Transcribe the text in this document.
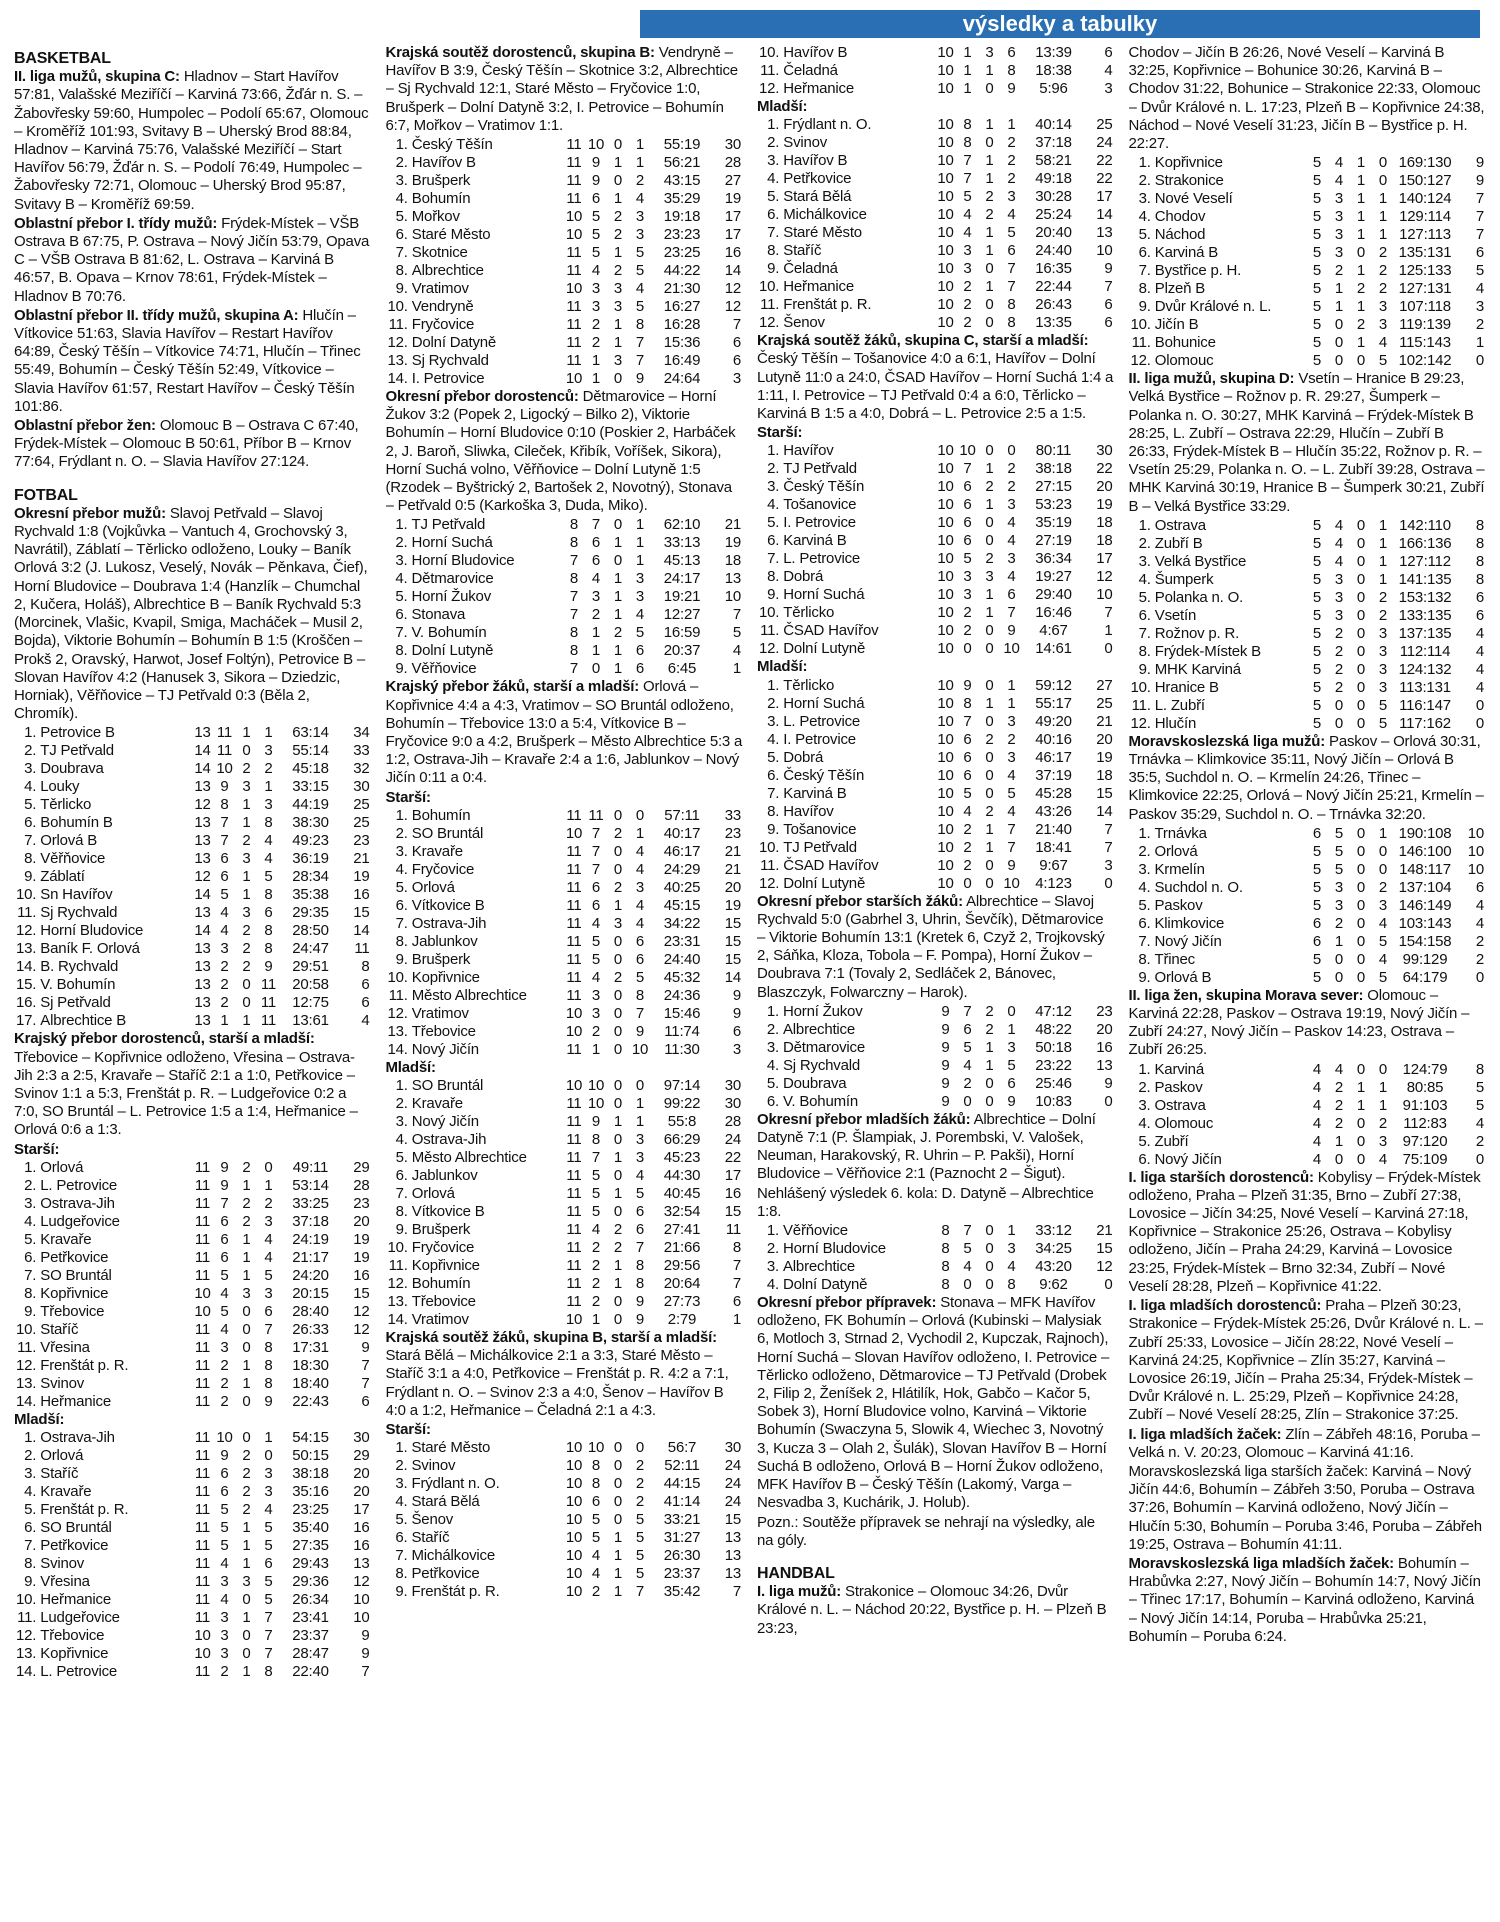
výsledky a tabulky
BASKETBAL
II. liga mužů, skupina C: Hladnov – Start Havířov 57:81, Valašské Meziříčí – Karviná 73:66, Žďár n. S. – Žabovřesky 59:60, Humpolec – Podolí 65:67, Olomouc – Kroměříž 101:93, Svitavy B – Uherský Brod 88:84, Hladnov – Karviná 75:76, Valašské Meziříčí – Start Havířov 56:79, Žďár n. S. – Podolí 76:49, Humpolec – Žabovřesky 72:71, Olomouc – Uherský Brod 95:87, Svitavy B – Kroměříž 69:59.
Oblastní přebor I. třídy mužů: Frýdek-Místek – VŠB Ostrava B 67:75, P. Ostrava – Nový Jičín 53:79, Opava C – VŠB Ostrava B 81:62, L. Ostrava – Karviná B 46:57, B. Opava – Krnov 78:61, Frýdek-Místek – Hladnov B 70:76.
Oblastní přebor II. třídy mužů, skupina A: Hlučín – Vítkovice 51:63, Slavia Havířov – Restart Havířov 64:89, Český Těšín – Vítkovice 74:71, Hlučín – Třinec 55:49, Bohumín – Český Těšín 52:49, Vítkovice – Slavia Havířov 61:57, Restart Havířov – Český Těšín 101:86.
Oblastní přebor žen: Olomouc B – Ostrava C 67:40, Frýdek-Místek – Olomouc B 50:61, Příbor B – Krnov 77:64, Frýdlant n. O. – Slavia Havířov 27:124.
FOTBAL
Okresní přebor mužů: Slavoj Petřvald – Slavoj Rychvald 1:8 (Vojkůvka – Vantuch 4, Grochovský 3, Navrátil), Záblatí – Těrlicko odloženo, Louky – Baník Orlová 3:2 (J. Lukosz, Veselý, Novák – Pěnkava, Čief), Horní Bludovice – Doubrava 1:4 (Hanzlík – Chumchal 2, Kučera, Holáš), Albrechtice B – Baník Rychvald 5:3 (Morcinek, Vlašic, Kvapil, Smiga, Macháček – Musil 2, Bojda), Viktorie Bohumín – Bohumín B 1:5 (Kroščen – Prokš 2, Oravský, Harwot, Josef Foltýn), Petrovice B – Slovan Havířov 4:2 (Hanusek 3, Sikora – Dziedzic, Horniak), Věřňovice – TJ Petřvald 0:3 (Běla 2, Chromík).
1.	Petrovice B	13	11	1	1	63:14	34
2.	TJ Petřvald	14	11	0	3	55:14	33
3.	Doubrava	14	10	2	2	45:18	32
4.	Louky	13	9	3	1	33:15	30
5.	Těrlicko	12	8	1	3	44:19	25
6.	Bohumín B	13	7	1	8	38:30	25
7.	Orlová B	13	7	2	4	49:23	23
8.	Věřňovice	13	6	3	4	36:19	21
9.	Záblatí	12	6	1	5	28:34	19
10.	Sn Havířov	14	5	1	8	35:38	16
11.	Sj Rychvald	13	4	3	6	29:35	15
12.	Horní Bludovice	14	4	2	8	28:50	14
13.	Baník F. Orlová	13	3	2	8	24:47	11
14.	B. Rychvald	13	2	2	9	29:51	8
15.	V. Bohumín	13	2	0	11	20:58	6
16.	Sj Petřvald	13	2	0	11	12:75	6
17.	Albrechtice B	13	1	1	11	13:61	4
Krajský přebor dorostenců, starší a mladší: Třebovice – Kopřivnice odloženo, Vřesina – Ostrava-Jih 2:3 a 2:5, Kravaře – Staříč 2:1 a 1:0, Petřkovice – Svinov 1:1 a 5:3, Frenštát p. R. – Ludgeřovice 0:2 a 7:0, SO Bruntál – L. Petrovice 1:5 a 1:4, Heřmanice – Orlová 0:6 a 1:3.
Starší:
1.	Orlová	11	9	2	0	49:11	29
2.	L. Petrovice	11	9	1	1	53:14	28
3.	Ostrava-Jih	11	7	2	2	33:25	23
4.	Ludgeřovice	11	6	2	3	37:18	20
5.	Kravaře	11	6	1	4	24:19	19
6.	Petřkovice	11	6	1	4	21:17	19
7.	SO Bruntál	11	5	1	5	24:20	16
8.	Kopřivnice	10	4	3	3	20:15	15
9.	Třebovice	10	5	0	6	28:40	12
10.	Staříč	11	4	0	7	26:33	12
11.	Vřesina	11	3	0	8	17:31	9
12.	Frenštát p. R.	11	2	1	8	18:30	7
13.	Svinov	11	2	1	8	18:40	7
14.	Heřmanice	11	2	0	9	22:43	6
Mladší:
1.	Ostrava-Jih	11	10	0	1	54:15	30
2.	Orlová	11	9	2	0	50:15	29
3.	Staříč	11	6	2	3	38:18	20
4.	Kravaře	11	6	2	3	35:16	20
5.	Frenštát p. R.	11	5	2	4	23:25	17
6.	SO Bruntál	11	5	1	5	35:40	16
7.	Petřkovice	11	5	1	5	27:35	16
8.	Svinov	11	4	1	6	29:43	13
9.	Vřesina	11	3	3	5	29:36	12
10.	Heřmanice	11	4	0	5	26:34	10
11.	Ludgeřovice	11	3	1	7	23:41	10
12.	Třebovice	10	3	0	7	23:37	9
13.	Kopřivnice	10	3	0	7	28:47	9
14.	L. Petrovice	11	2	1	8	22:40	7
Krajská soutěž dorostenců, skupina B: Vendryně – Havířov B 3:9, Český Těšín – Skotnice 3:2, Albrechtice – Sj Rychvald 12:1, Staré Město – Fryčovice 1:0, Brušperk – Dolní Datyně 3:2, I. Petrovice – Bohumín 6:7, Mořkov – Vratimov 1:1.
1.	Český Těšín	11	10	0	1	55:19	30
2.	Havířov B	11	9	1	1	56:21	28
3.	Brušperk	11	9	0	2	43:15	27
4.	Bohumín	11	6	1	4	35:29	19
5.	Mořkov	10	5	2	3	19:18	17
6.	Staré Město	10	5	2	3	23:23	17
7.	Skotnice	11	5	1	5	23:25	16
8.	Albrechtice	11	4	2	5	44:22	14
9.	Vratimov	10	3	3	4	21:30	12
10.	Vendryně	11	3	3	5	16:27	12
11.	Fryčovice	11	2	1	8	16:28	7
12.	Dolní Datyně	11	2	1	7	15:36	6
13.	Sj Rychvald	11	1	3	7	16:49	6
14.	I. Petrovice	10	1	0	9	24:64	3
Okresní přebor dorostenců: Dětmarovice – Horní Žukov 3:2 (Popek 2, Ligocký – Bilko 2), Viktorie Bohumín – Horní Bludovice 0:10 (Poskier 2, Harbáček 2, J. Baroň, Sliwka, Cileček, Křibík, Voříšek, Sikora), Horní Suchá volno, Věřňovice – Dolní Lutyně 1:5 (Rzodek – Byštrický 2, Bartošek 2, Novotný), Stonava – Petřvald 0:5 (Karkoška 3, Duda, Miko).
1.	TJ Petřvald	8	7	0	1	62:10	21
2.	Horní Suchá	8	6	1	1	33:13	19
3.	Horní Bludovice	7	6	0	1	45:13	18
4.	Dětmarovice	8	4	1	3	24:17	13
5.	Horní Žukov	7	3	1	3	19:21	10
6.	Stonava	7	2	1	4	12:27	7
7.	V. Bohumín	8	1	2	5	16:59	5
8.	Dolní Lutyně	8	1	1	6	20:37	4
9.	Věřňovice	7	0	1	6	6:45	1
Krajský přebor žáků, starší a mladší: Orlová – Kopřivnice 4:4 a 4:3, Vratimov – SO Bruntál odloženo, Bohumín – Třebovice 13:0 a 5:4, Vítkovice B – Fryčovice 9:0 a 4:2, Brušperk – Město Albrechtice 5:3 a 1:2, Ostrava-Jih – Kravaře 2:4 a 1:6, Jablunkov – Nový Jičín 0:11 a 0:4.
Starší:
1.	Bohumín	11	11	0	0	57:11	33
2.	SO Bruntál	10	7	2	1	40:17	23
3.	Kravaře	11	7	0	4	46:17	21
4.	Fryčovice	11	7	0	4	24:29	21
5.	Orlová	11	6	2	3	40:25	20
6.	Vítkovice B	11	6	1	4	45:15	19
7.	Ostrava-Jih	11	4	3	4	34:22	15
8.	Jablunkov	11	5	0	6	23:31	15
9.	Brušperk	11	5	0	6	24:40	15
10.	Kopřivnice	11	4	2	5	45:32	14
11.	Město Albrechtice	11	3	0	8	24:36	9
12.	Vratimov	10	3	0	7	15:46	9
13.	Třebovice	10	2	0	9	11:74	6
14.	Nový Jičín	11	1	0	10	11:30	3
Mladší:
1.	SO Bruntál	10	10	0	0	97:14	30
2.	Kravaře	11	10	0	1	99:22	30
3.	Nový Jičín	11	9	1	1	55:8	28
4.	Ostrava-Jih	11	8	0	3	66:29	24
5.	Město Albrechtice	11	7	1	3	45:23	22
6.	Jablunkov	11	5	0	4	44:30	17
7.	Orlová	11	5	1	5	40:45	16
8.	Vítkovice B	11	5	0	6	32:54	15
9.	Brušperk	11	4	2	6	27:41	11
10.	Fryčovice	11	2	2	7	21:66	8
11.	Kopřivnice	11	2	1	8	29:56	7
12.	Bohumín	11	2	1	8	20:64	7
13.	Třebovice	11	2	0	9	27:73	6
14.	Vratimov	10	1	0	9	2:79	1
Krajská soutěž žáků, skupina B, starší a mladší: Stará Bělá – Michálkovice 2:1 a 3:3, Staré Město – Staříč 3:1 a 4:0, Petřkovice – Frenštát p. R. 4:2 a 7:1, Frýdlant n. O. – Svinov 2:3 a 4:0, Šenov – Havířov B 4:0 a 1:2, Heřmanice – Čeladná 2:1 a 4:3.
Starší:
1.	Staré Město	10	10	0	0	56:7	30
2.	Svinov	10	8	0	2	52:11	24
3.	Frýdlant n. O.	10	8	0	2	44:15	24
4.	Stará Bělá	10	6	0	2	41:14	24
5.	Šenov	10	5	0	5	33:21	15
6.	Staříč	10	5	1	5	31:27	13
7.	Michálkovice	10	4	1	5	26:30	13
8.	Petřkovice	10	4	1	5	23:37	13
9.	Frenštát p. R.	10	2	1	7	35:42	7
10.	Havířov B	10	1	3	6	13:39	6
11.	Čeladná	10	1	1	8	18:38	4
12.	Heřmanice	10	1	0	9	5:96	3
Mladší:
1.	Frýdlant n. O.	10	8	1	1	40:14	25
2.	Svinov	10	8	0	2	37:18	24
3.	Havířov B	10	7	1	2	58:21	22
4.	Petřkovice	10	7	1	2	49:18	22
5.	Stará Bělá	10	5	2	3	30:28	17
6.	Michálkovice	10	4	2	4	25:24	14
7.	Staré Město	10	4	1	5	20:40	13
8.	Staříč	10	3	1	6	24:40	10
9.	Čeladná	10	3	0	7	16:35	9
10.	Heřmanice	10	2	1	7	22:44	7
11.	Frenštát p. R.	10	2	0	8	26:43	6
12.	Šenov	10	2	0	8	13:35	6
Krajská soutěž žáků, skupina C, starší a mladší: Český Těšín – Tošanovice 4:0 a 6:1, Havířov – Dolní Lutyně 11:0 a 24:0, ČSAD Havířov – Horní Suchá 1:4 a 1:11, I. Petrovice – TJ Petřvald 0:4 a 6:0, Těrlicko – Karviná B 1:5 a 4:0, Dobrá – L. Petrovice 2:5 a 1:5.
Starší:
1.	Havířov	10	10	0	0	80:11	30
2.	TJ Petřvald	10	7	1	2	38:18	22
3.	Český Těšín	10	6	2	2	27:15	20
4.	Tošanovice	10	6	1	3	53:23	19
5.	I. Petrovice	10	6	0	4	35:19	18
6.	Karviná B	10	6	0	4	27:19	18
7.	L. Petrovice	10	5	2	3	36:34	17
8.	Dobrá	10	3	3	4	19:27	12
9.	Horní Suchá	10	3	1	6	29:40	10
10.	Těrlicko	10	2	1	7	16:46	7
11.	ČSAD Havířov	10	2	0	9	4:67	1
12.	Dolní Lutyně	10	0	0	10	14:61	0
Mladší:
1.	Těrlicko	10	9	0	1	59:12	27
2.	Horní Suchá	10	8	1	1	55:17	25
3.	L. Petrovice	10	7	0	3	49:20	21
4.	I. Petrovice	10	6	2	2	40:16	20
5.	Dobrá	10	6	0	3	46:17	19
6.	Český Těšín	10	6	0	4	37:19	18
7.	Karviná B	10	5	0	5	45:28	15
8.	Havířov	10	4	2	4	43:26	14
9.	Tošanovice	10	2	1	7	21:40	7
10.	TJ Petřvald	10	2	1	7	18:41	7
11.	ČSAD Havířov	10	2	0	9	9:67	3
12.	Dolní Lutyně	10	0	0	10	4:123	0
Okresní přebor starších žáků: Albrechtice – Slavoj Rychvald 5:0 (Gabrhel 3, Uhrin, Ševčík), Dětmarovice – Viktorie Bohumín 13:1 (Kretek 6, Czyž 2, Trojkovský 2, Sáňka, Kloza, Tobola – F. Pompa), Horní Žukov – Doubrava 7:1 (Tovaly 2, Sedláček 2, Bánovec, Blaszczyk, Folwarczny – Harok).
1.	Horní Žukov	9	7	2	0	47:12	23
2.	Albrechtice	9	6	2	1	48:22	20
3.	Dětmarovice	9	5	1	3	50:18	16
4.	Sj Rychvald	9	4	1	5	23:22	13
5.	Doubrava	9	2	0	6	25:46	9
6.	V. Bohumín	9	0	0	9	10:83	0
Okresní přebor mladších žáků: Albrechtice – Dolní Datyně 7:1 (P. Šlampiak, J. Porembski, V. Valošek, Neuman, Harakovský, R. Uhrin – P. Pakši), Horní Bludovice – Věřňovice 2:1 (Paznocht 2 – Šigut).
Nehlášený výsledek 6. kola: D. Datyně – Albrechtice 1:8.
1.	Věřňovice	8	7	0	1	33:12	21
2.	Horní Bludovice	8	5	0	3	34:25	15
3.	Albrechtice	8	4	0	4	43:20	12
4.	Dolní Datyně	8	0	0	8	9:62	0
Okresní přebor přípravek: Stonava – MFK Havířov odloženo, FK Bohumín – Orlová (Kubinski – Malysiak 6, Motloch 3, Strnad 2, Vychodil 2, Kupczak, Rajnoch), Horní Suchá – Slovan Havířov odloženo, I. Petrovice – Těrlicko odloženo, Dětmarovice – TJ Petřvald (Drobek 2, Filip 2, Ženíšek 2, Hlátilík, Hok, Gabčo – Kačor 5, Sobek 3), Horní Bludovice volno, Karviná – Viktorie Bohumín (Swaczyna 5, Slowik 4, Wiechec 3, Novotný 3, Kucza 3 – Olah 2, Šulák), Slovan Havířov B – Horní Suchá B odloženo, Orlová B – Horní Žukov odloženo, MFK Havířov B – Český Těšín (Lakomý, Varga – Nesvadba 3, Kuchárik, J. Holub).
Pozn.: Soutěže přípravek se nehrají na výsledky, ale na góly.
HANDBAL
I. liga mužů: Strakonice – Olomouc 34:26, Dvůr Králové n. L. – Náchod 20:22, Bystřice p. H. – Plzeň B 23:23,
Chodov – Jičín B 26:26, Nové Veselí – Karviná B 32:25, Kopřivnice – Bohunice 30:26, Karviná B – Chodov 31:22, Bohunice – Strakonice 22:33, Olomouc – Dvůr Králové n. L. 17:23, Plzeň B – Kopřivnice 24:38, Náchod – Nové Veselí 31:23, Jičín B – Bystřice p. H. 22:27.
1.	Kopřivnice	5	4	1	0	169:130	9
2.	Strakonice	5	4	1	0	150:127	9
3.	Nové Veselí	5	3	1	1	140:124	7
4.	Chodov	5	3	1	1	129:114	7
5.	Náchod	5	3	1	1	127:113	7
6.	Karviná B	5	3	0	2	135:131	6
7.	Bystřice p. H.	5	2	1	2	125:133	5
8.	Plzeň B	5	1	2	2	127:131	4
9.	Dvůr Králové n. L.	5	1	1	3	107:118	3
10.	Jičín B	5	0	2	3	119:139	2
11.	Bohunice	5	0	1	4	115:143	1
12.	Olomouc	5	0	0	5	102:142	0
II. liga mužů, skupina D: Vsetín – Hranice B 29:23, Velká Bystřice – Rožnov p. R. 29:27, Šumperk – Polanka n. O. 30:27, MHK Karviná – Frýdek-Místek B 28:25, L. Zubří – Ostrava 22:29, Hlučín – Zubří B 26:33, Frýdek-Místek B – Hlučín 35:22, Rožnov p. R. – Vsetín 25:29, Polanka n. O. – L. Zubří 39:28, Ostrava – MHK Karviná 30:19, Hranice B – Šumperk 30:21, Zubří B – Velká Bystřice 33:29.
1.	Ostrava	5	4	0	1	142:110	8
2.	Zubří B	5	4	0	1	166:136	8
3.	Velká Bystřice	5	4	0	1	127:112	8
4.	Šumperk	5	3	0	1	141:135	8
5.	Polanka n. O.	5	3	0	2	153:132	6
6.	Vsetín	5	3	0	2	133:135	6
7.	Rožnov p. R.	5	2	0	3	137:135	4
8.	Frýdek-Místek B	5	2	0	3	112:114	4
9.	MHK Karviná	5	2	0	3	124:132	4
10.	Hranice B	5	2	0	3	113:131	4
11.	L. Zubří	5	0	0	5	116:147	0
12.	Hlučín	5	0	0	5	117:162	0
Moravskoslezská liga mužů: Paskov – Orlová 30:31, Trnávka – Klimkovice 35:11, Nový Jičín – Orlová B 35:5, Suchdol n. O. – Krmelín 24:26, Třinec – Klimkovice 22:25, Orlová – Nový Jičín 25:21, Krmelín – Paskov 35:29, Suchdol n. O. – Trnávka 32:20.
1.	Trnávka	6	5	0	1	190:108	10
2.	Orlová	5	5	0	0	146:100	10
3.	Krmelín	5	5	0	0	148:117	10
4.	Suchdol n. O.	5	3	0	2	137:104	6
5.	Paskov	5	3	0	3	146:149	4
6.	Klimkovice	6	2	0	4	103:143	4
7.	Nový Jičín	6	1	0	5	154:158	2
8.	Třinec	5	0	0	4	99:129	2
9.	Orlová B	5	0	0	5	64:179	0
II. liga žen, skupina Morava sever: Olomouc – Karviná 22:28, Paskov – Ostrava 19:19, Nový Jičín – Zubří 24:27, Nový Jičín – Paskov 14:23, Ostrava – Zubří 26:25.
1.	Karviná	4	4	0	0	124:79	8
2.	Paskov	4	2	1	1	80:85	5
3.	Ostrava	4	2	1	1	91:103	5
4.	Olomouc	4	2	0	2	112:83	4
5.	Zubří	4	1	0	3	97:120	2
6.	Nový Jičín	4	0	0	4	75:109	0
I. liga starších dorostenců: Kobylisy – Frýdek-Místek odloženo, Praha – Plzeň 31:35, Brno – Zubří 27:38, Lovosice – Jičín 34:25, Nové Veselí – Karviná 27:18, Kopřivnice – Strakonice 25:26, Ostrava – Kobylisy odloženo, Jičín – Praha 24:29, Karviná – Lovosice 23:25, Frýdek-Místek – Brno 32:34, Zubří – Nové Veselí 28:28, Plzeň – Kopřivnice 41:22.
I. liga mladších dorostenců: Praha – Plzeň 30:23, Strakonice – Frýdek-Místek 25:26, Dvůr Králové n. L. – Zubří 25:33, Lovosice – Jičín 28:22, Nové Veselí – Karviná 24:25, Kopřivnice – Zlín 35:27, Karviná – Lovosice 26:19, Jičín – Praha 25:34, Frýdek-Místek – Dvůr Králové n. L. 25:29, Plzeň – Kopřivnice 24:28, Zubří – Nové Veselí 28:25, Zlín – Strakonice 37:25.
I. liga mladších žaček: Zlín – Zábřeh 48:16, Poruba – Velká n. V. 20:23, Olomouc – Karviná 41:16.
Moravskoslezská liga starších žaček: Karviná – Nový Jičín 44:6, Bohumín – Zábřeh 3:50, Poruba – Ostrava 37:26, Bohumín – Karviná odloženo, Nový Jičín – Hlučín 5:30, Bohumín – Poruba 3:46, Poruba – Zábřeh 19:25, Ostrava – Bohumín 41:11.
Moravskoslezská liga mladších žaček: Bohumín – Hrabůvka 2:27, Nový Jičín – Bohumín 14:7, Nový Jičín – Třinec 17:17, Bohumín – Karviná odloženo, Karviná – Nový Jičín 14:14, Poruba – Hrabůvka 25:21, Bohumín – Poruba 6:24.
